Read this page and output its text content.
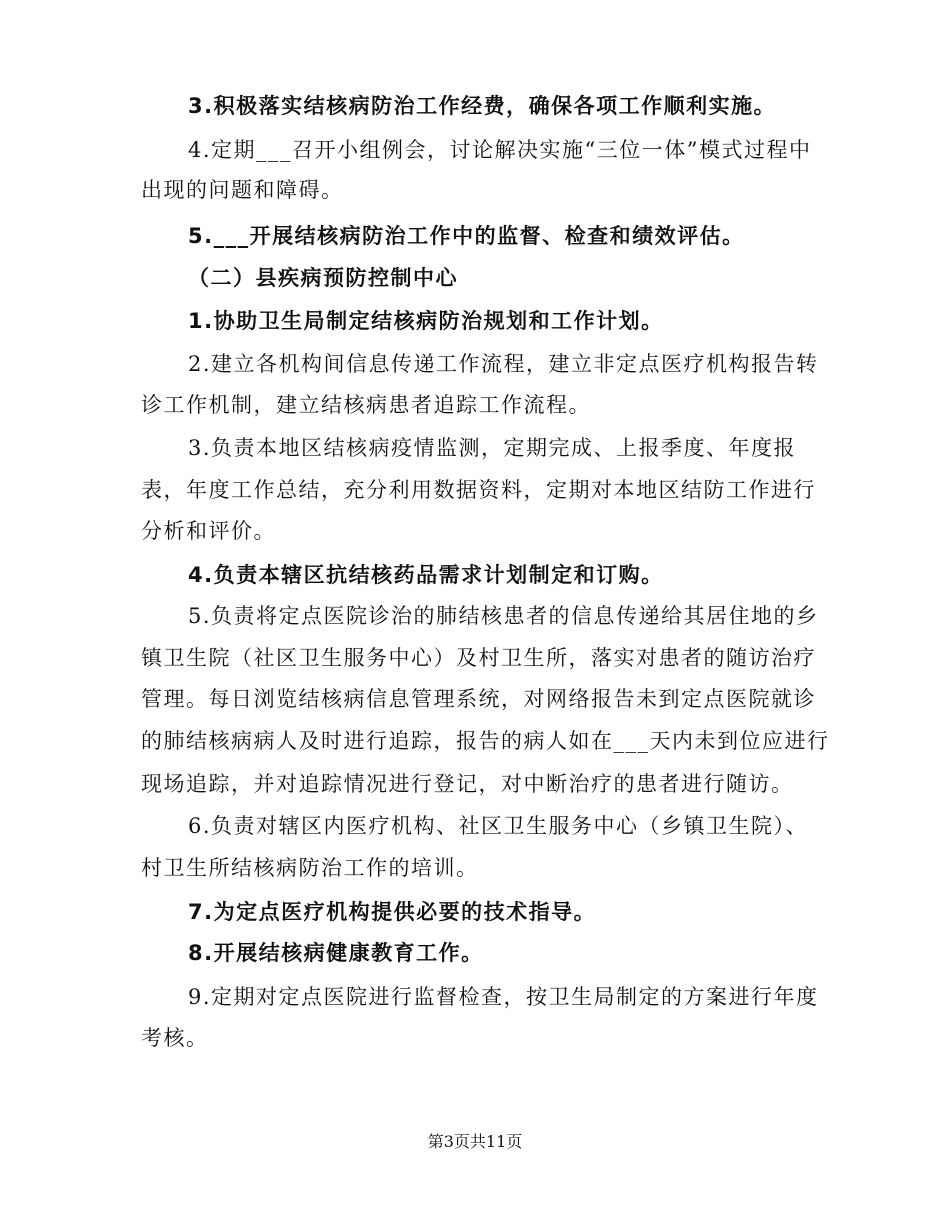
3.积极落实结核病防治工作经费，确保各项工作顺利实施。
4.定期___召开小组例会，讨论解决实施“三位一体”模式过程中
出现的问题和障碍。
5.___开展结核病防治工作中的监督、检查和绩效评估。
（二）县疾病预防控制中心
1.协助卫生局制定结核病防治规划和工作计划。
2.建立各机构间信息传递工作流程，建立非定点医疗机构报告转
诊工作机制，建立结核病患者追踪工作流程。
3.负责本地区结核病疫情监测，定期完成、上报季度、年度报
表，年度工作总结，充分利用数据资料，定期对本地区结防工作进行
分析和评价。
4.负责本辖区抗结核药品需求计划制定和订购。
5.负责将定点医院诊治的肺结核患者的信息传递给其居住地的乡
镇卫生院（社区卫生服务中心）及村卫生所，落实对患者的随访治疗
管理。每日浏览结核病信息管理系统，对网络报告未到定点医院就诊
的肺结核病病人及时进行追踪，报告的病人如在___天内未到位应进行
现场追踪，并对追踪情况进行登记，对中断治疗的患者进行随访。
6.负责对辖区内医疗机构、社区卫生服务中心（乡镇卫生院）、
村卫生所结核病防治工作的培训。
7.为定点医疗机构提供必要的技术指导。
8.开展结核病健康教育工作。
9.定期对定点医院进行监督检查，按卫生局制定的方案进行年度
考核。
第3页共11页
